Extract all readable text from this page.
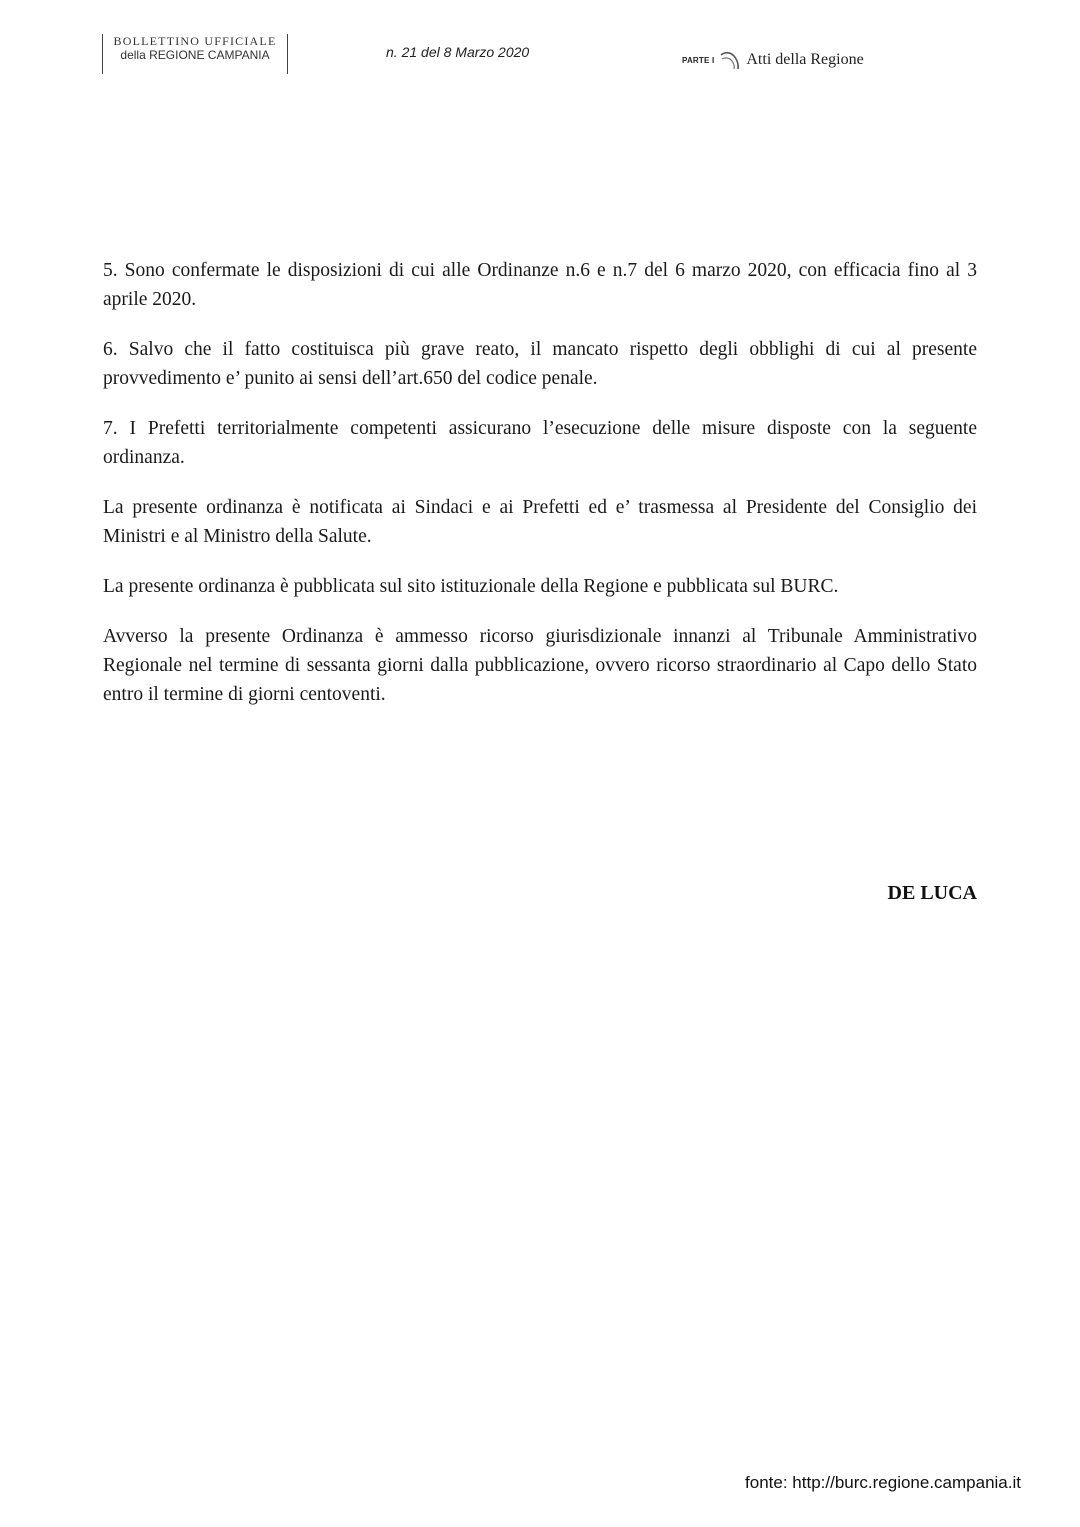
BOLLETTINO UFFICIALE
della REGIONE CAMPANIA	n. 21 del 8 Marzo 2020	PARTE I Atti della Regione

5. Sono confermate le disposizioni di cui alle Ordinanze n.6 e n.7 del 6 marzo 2020, con efficacia fino al 3 aprile 2020.

6. Salvo che il fatto costituisca più grave reato, il mancato rispetto degli obblighi di cui al presente provvedimento e’ punito ai sensi dell’art.650 del codice penale.

7. I Prefetti territorialmente competenti assicurano l’esecuzione delle misure disposte con la seguente ordinanza.

La presente ordinanza è notificata ai Sindaci e ai Prefetti ed e’ trasmessa al Presidente del Consiglio dei Ministri e al Ministro della Salute.

La presente ordinanza è pubblicata sul sito istituzionale della Regione e pubblicata sul BURC.

Avverso la presente Ordinanza è ammesso ricorso giurisdizionale innanzi al Tribunale Amministrativo Regionale nel termine di sessanta giorni dalla pubblicazione, ovvero ricorso straordinario al Capo dello Stato entro il termine di giorni centoventi.

DE LUCA
fonte: http://burc.regione.campania.it
